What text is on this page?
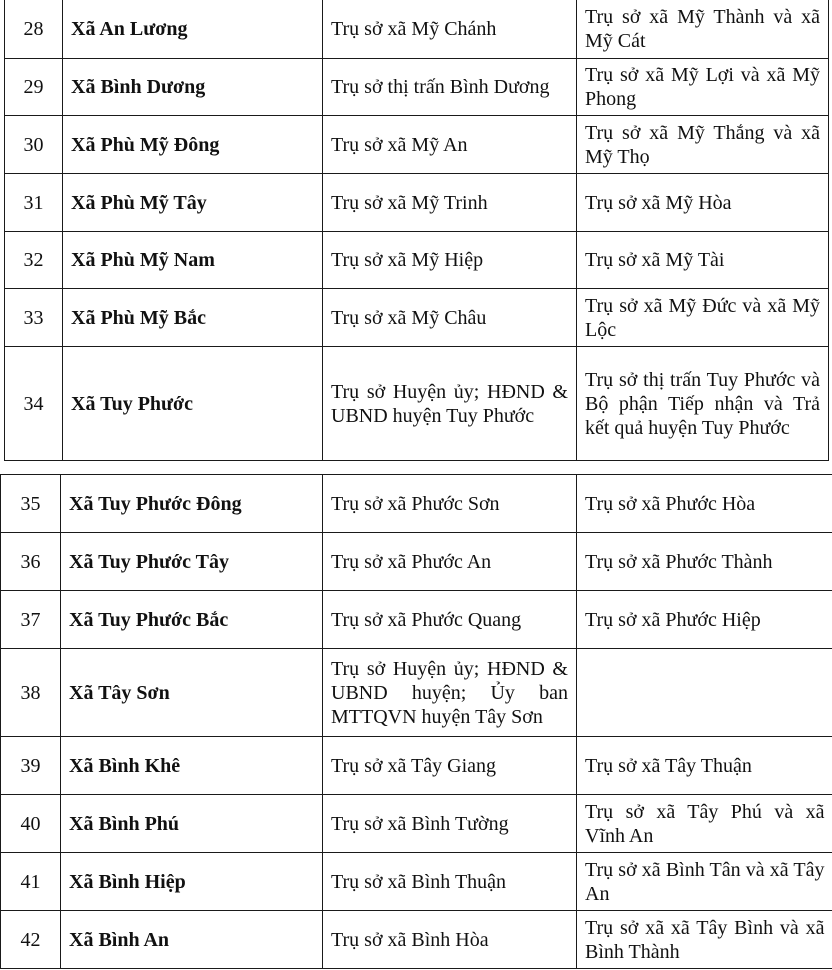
28	Xã An Lương	Trụ sở xã Mỹ Chánh	Trụ sở xã Mỹ Thành và xã Mỹ Cát
29	Xã Bình Dương	Trụ sở thị trấn Bình Dương	Trụ sở xã Mỹ Lợi và xã Mỹ Phong
30	Xã Phù Mỹ Đông	Trụ sở xã Mỹ An	Trụ sở xã Mỹ Thắng và xã Mỹ Thọ
31	Xã Phù Mỹ Tây	Trụ sở xã Mỹ Trinh	Trụ sở xã Mỹ Hòa
32	Xã Phù Mỹ Nam	Trụ sở xã Mỹ Hiệp	Trụ sở xã Mỹ Tài
33	Xã Phù Mỹ Bắc	Trụ sở xã Mỹ Châu	Trụ sở xã Mỹ Đức và xã Mỹ Lộc
34	Xã Tuy Phước	Trụ sở Huyện ủy; HĐND & UBND huyện Tuy Phước	Trụ sở thị trấn Tuy Phước và Bộ phận Tiếp nhận và Trả kết quả huyện Tuy Phước
35	Xã Tuy Phước Đông	Trụ sở xã Phước Sơn	Trụ sở xã Phước Hòa
36	Xã Tuy Phước Tây	Trụ sở xã Phước An	Trụ sở xã Phước Thành
37	Xã Tuy Phước Bắc	Trụ sở xã Phước Quang	Trụ sở xã Phước Hiệp
38	Xã Tây Sơn	Trụ sở Huyện ủy; HĐND & UBND huyện; Ủy ban MTTQVN huyện Tây Sơn	
39	Xã Bình Khê	Trụ sở xã Tây Giang	Trụ sở xã Tây Thuận
40	Xã Bình Phú	Trụ sở xã Bình Tường	Trụ sở xã Tây Phú và xã Vĩnh An
41	Xã Bình Hiệp	Trụ sở xã Bình Thuận	Trụ sở xã Bình Tân và xã Tây An
42	Xã Bình An	Trụ sở xã Bình Hòa	Trụ sở xã xã Tây Bình và xã Bình Thành
